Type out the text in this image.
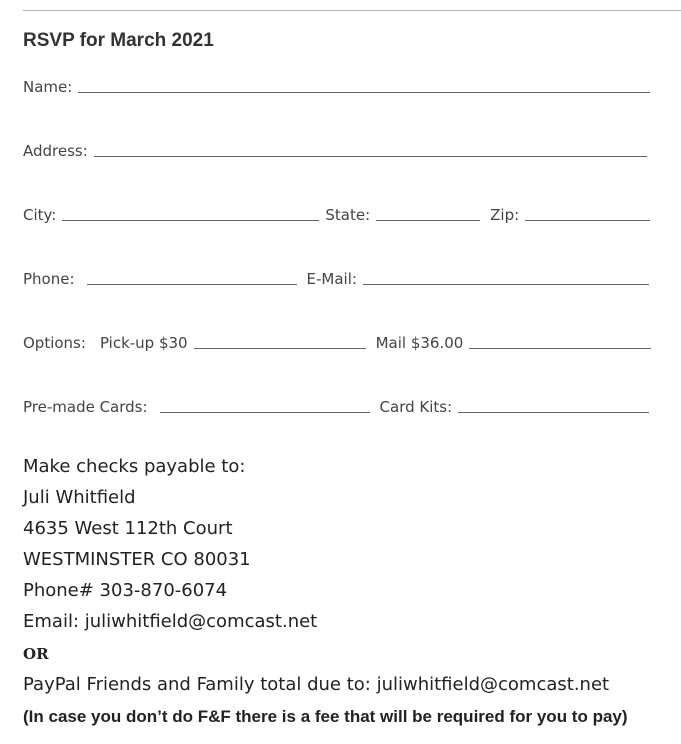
RSVP for March 2021
Name:
Address:
City:	State:	Zip:
Phone:	E-Mail:
Options: Pick-up $30	Mail $36.00
Pre-made Cards:	Card Kits:
Make checks payable to:
Juli Whitfield
4635 West 112th Court
WESTMINSTER CO 80031
Phone# 303-870-6074
Email: juliwhitfield@comcast.net
OR
PayPal Friends and Family total due to: juliwhitfield@comcast.net
(In case you don’t do F&F there is a fee that will be required for you to pay)
